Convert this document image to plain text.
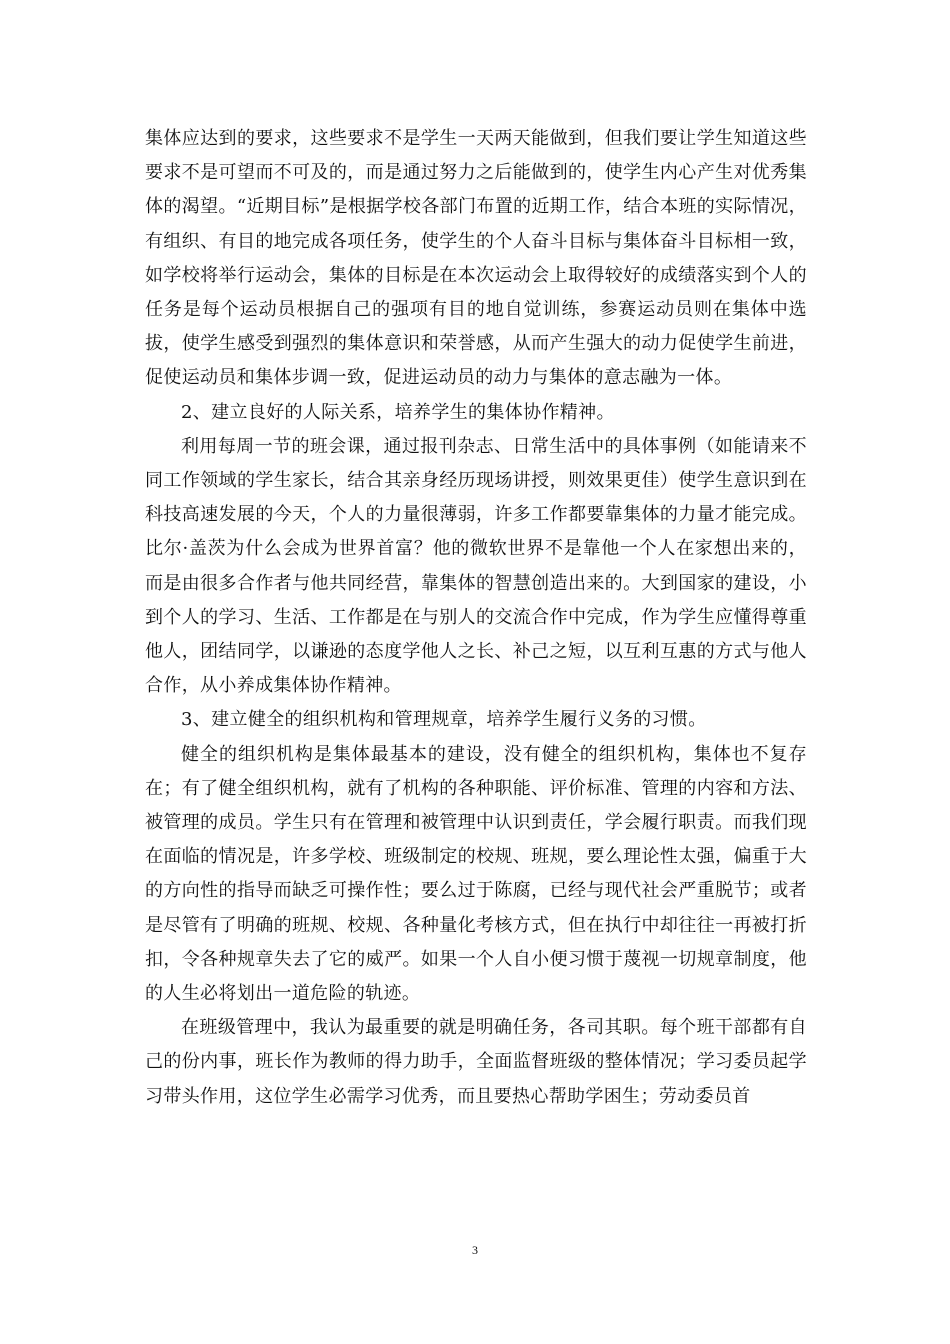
集体应达到的要求，这些要求不是学生一天两天能做到，但我们要让学生知道这些要求不是可望而不可及的，而是通过努力之后能做到的，使学生内心产生对优秀集体的渴望。“近期目标”是根据学校各部门布置的近期工作，结合本班的实际情况，有组织、有目的地完成各项任务，使学生的个人奋斗目标与集体奋斗目标相一致，如学校将举行运动会，集体的目标是在本次运动会上取得较好的成绩落实到个人的任务是每个运动员根据自己的强项有目的地自觉训练，参赛运动员则在集体中选拔，使学生感受到强烈的集体意识和荣誉感，从而产生强大的动力促使学生前进，促使运动员和集体步调一致，促进运动员的动力与集体的意志融为一体。

2、建立良好的人际关系，培养学生的集体协作精神。

利用每周一节的班会课，通过报刊杂志、日常生活中的具体事例（如能请来不同工作领域的学生家长，结合其亲身经历现场讲授，则效果更佳）使学生意识到在科技高速发展的今天，个人的力量很薄弱，许多工作都要靠集体的力量才能完成。比尔·盖茨为什么会成为世界首富？他的微软世界不是靠他一个人在家想出来的，而是由很多合作者与他共同经营，靠集体的智慧创造出来的。大到国家的建设，小到个人的学习、生活、工作都是在与别人的交流合作中完成，作为学生应懂得尊重他人，团结同学，以谦逊的态度学他人之长、补己之短，以互利互惠的方式与他人合作，从小养成集体协作精神。

3、建立健全的组织机构和管理规章，培养学生履行义务的习惯。

健全的组织机构是集体最基本的建设，没有健全的组织机构，集体也不复存在；有了健全组织机构，就有了机构的各种职能、评价标准、管理的内容和方法、被管理的成员。学生只有在管理和被管理中认识到责任，学会履行职责。而我们现在面临的情况是，许多学校、班级制定的校规、班规，要么理论性太强，偏重于大的方向性的指导而缺乏可操作性；要么过于陈腐，已经与现代社会严重脱节；或者是尽管有了明确的班规、校规、各种量化考核方式，但在执行中却往往一再被打折扣，令各种规章失去了它的威严。如果一个人自小便习惯于蔑视一切规章制度，他的人生必将划出一道危险的轨迹。

在班级管理中，我认为最重要的就是明确任务，各司其职。每个班干部都有自己的份内事，班长作为教师的得力助手，全面监督班级的整体情况；学习委员起学习带头作用，这位学生必需学习优秀，而且要热心帮助学困生；劳动委员首

3
